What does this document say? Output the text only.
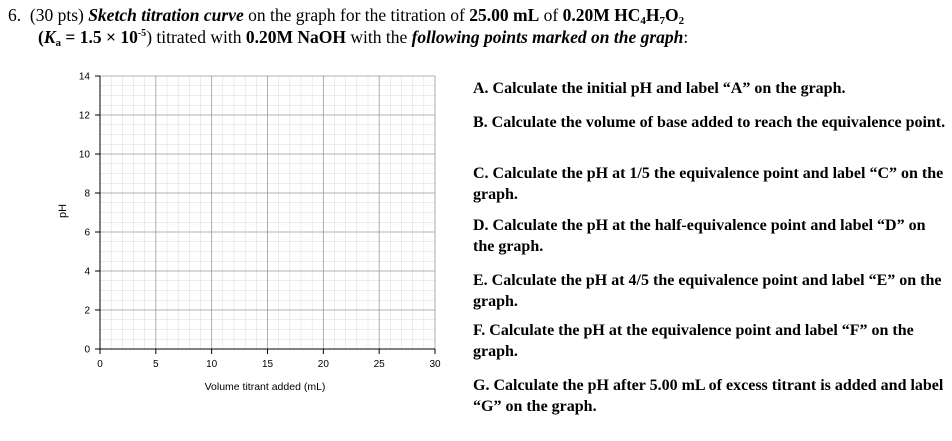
6. (30 pts) Sketch titration curve on the graph for the titration of 25.00 mL of 0.20M $HC_4H_7O_2$
$(K_a = 1.5 \times 10^{-5})$ titrated with 0.20M NaOH with the following points marked on the graph:
0	5	10	15	20	25	30
0
2
4
6
8
10
12
14
Volume titrant added (mL)
pH
A. Calculate the initial pH and label “A” on the graph.
B. Calculate the volume of base added to reach the equivalence point.
C. Calculate the pH at 1/5 the equivalence point and label “C” on the graph.
D. Calculate the pH at the half-equivalence point and label “D” on the graph.
E. Calculate the pH at 4/5 the equivalence point and label “E” on the graph.
F. Calculate the pH at the equivalence point and label “F” on the graph.
G. Calculate the pH after 5.00 mL of excess titrant is added and label “G” on the graph.
